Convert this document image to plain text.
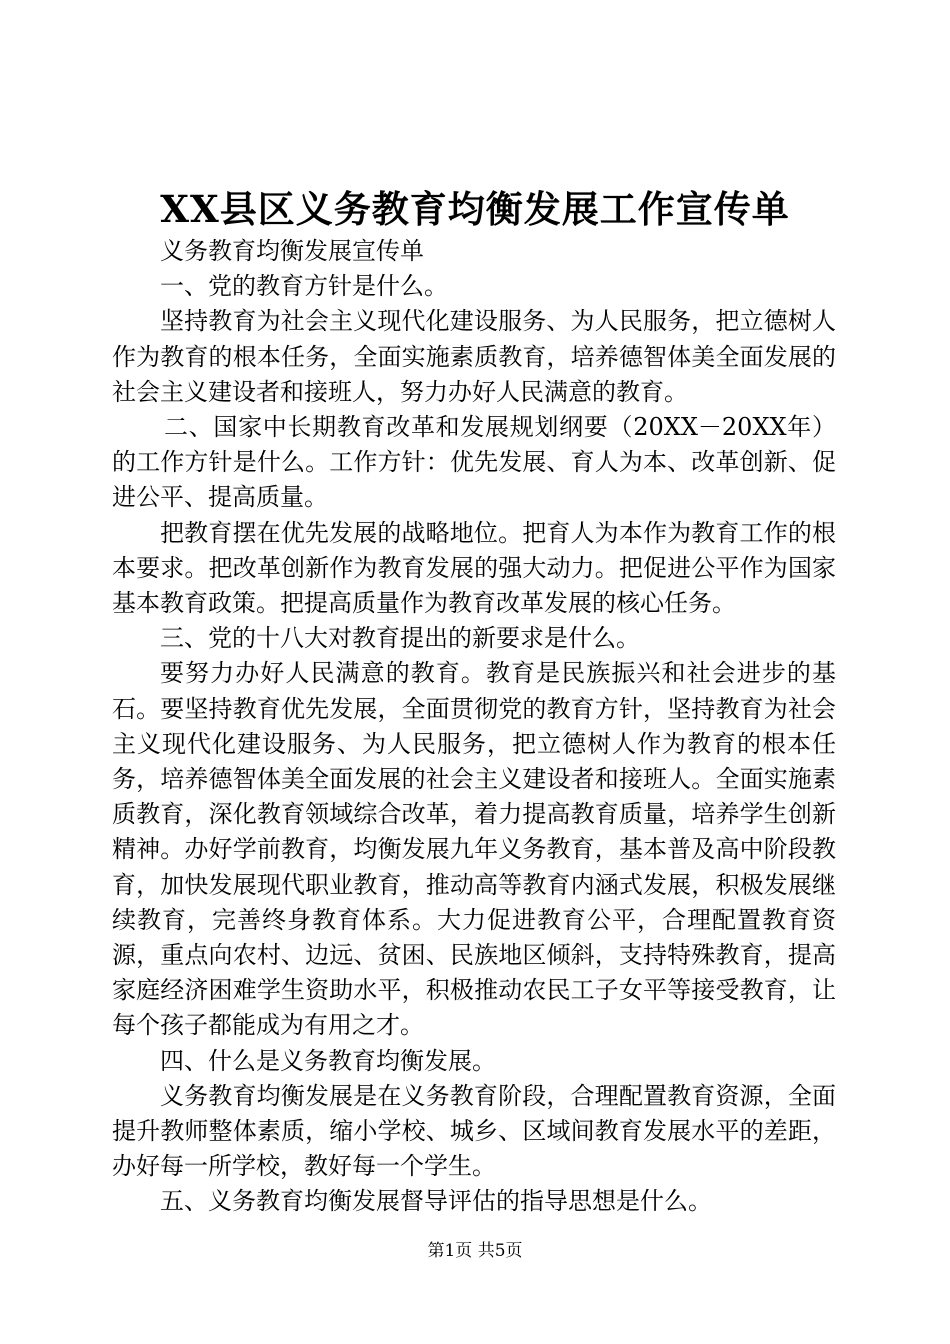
XX县区义务教育均衡发展工作宣传单

义务教育均衡发展宣传单

一、党的教育方针是什么。

坚持教育为社会主义现代化建设服务、为人民服务，把立德树人作为教育的根本任务，全面实施素质教育，培养德智体美全面发展的社会主义建设者和接班人，努力办好人民满意的教育。

二、国家中长期教育改革和发展规划纲要（20XX－20XX年）的工作方针是什么。工作方针：优先发展、育人为本、改革创新、促进公平、提高质量。

把教育摆在优先发展的战略地位。把育人为本作为教育工作的根本要求。把改革创新作为教育发展的强大动力。把促进公平作为国家基本教育政策。把提高质量作为教育改革发展的核心任务。

三、党的十八大对教育提出的新要求是什么。

要努力办好人民满意的教育。教育是民族振兴和社会进步的基石。要坚持教育优先发展，全面贯彻党的教育方针，坚持教育为社会主义现代化建设服务、为人民服务，把立德树人作为教育的根本任务，培养德智体美全面发展的社会主义建设者和接班人。全面实施素质教育，深化教育领域综合改革，着力提高教育质量，培养学生创新精神。办好学前教育，均衡发展九年义务教育，基本普及高中阶段教育，加快发展现代职业教育，推动高等教育内涵式发展，积极发展继续教育，完善终身教育体系。大力促进教育公平，合理配置教育资源，重点向农村、边远、贫困、民族地区倾斜，支持特殊教育，提高家庭经济困难学生资助水平，积极推动农民工子女平等接受教育，让每个孩子都能成为有用之才。

四、什么是义务教育均衡发展。

义务教育均衡发展是在义务教育阶段，合理配置教育资源，全面提升教师整体素质，缩小学校、城乡、区域间教育发展水平的差距，办好每一所学校，教好每一个学生。

五、义务教育均衡发展督导评估的指导思想是什么。

第1页 共5页
